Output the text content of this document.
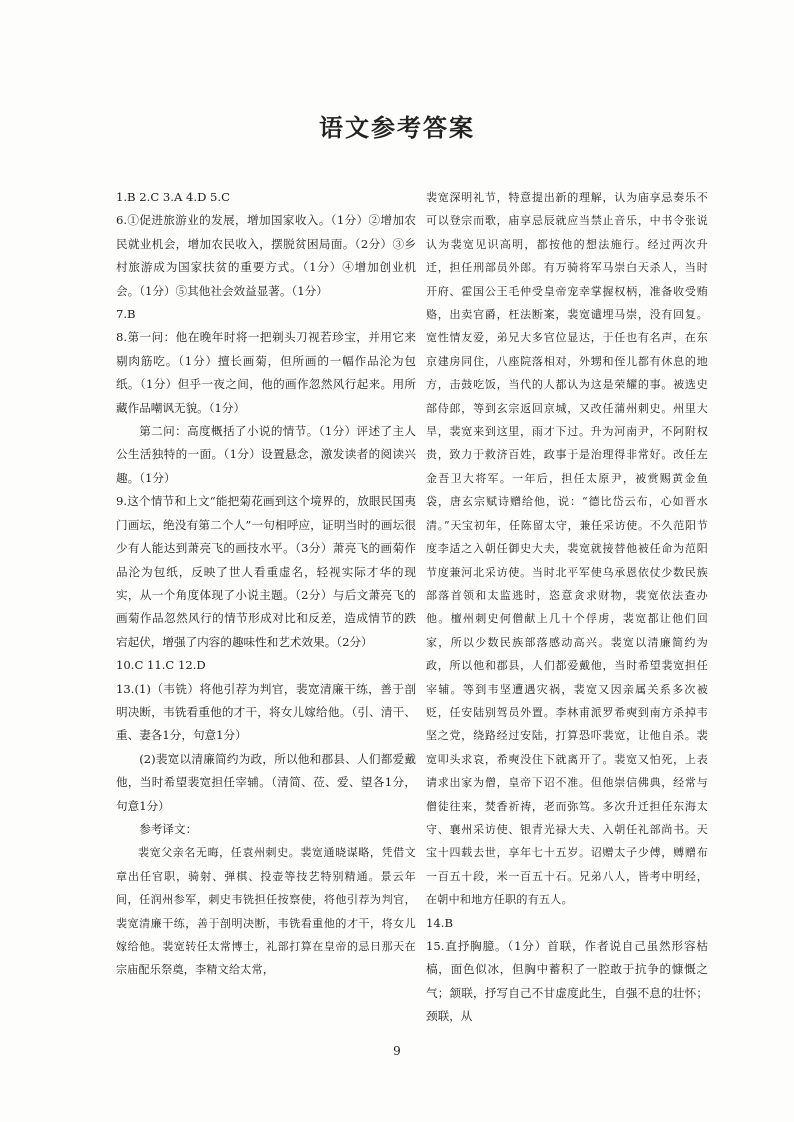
语文参考答案

1.B 2.C 3.A 4.D 5.C

6.①促进旅游业的发展，增加国家收入。（1分）②增加农民就业机会，增加农民收入，摆脱贫困局面。（2分）③乡村旅游成为国家扶贫的重要方式。（1分）④增加创业机会。（1分）⑤其他社会效益显著。（1分）

7.B

8.第一问：他在晚年时将一把剃头刀视若珍宝，并用它来剔肉筋吃。（1分）擅长画菊，但所画的一幅作品沦为包纸。（1分）但乎一夜之间，他的画作忽然风行起来。用所藏作品嘲讽无貌。（1分）

第二问：高度概括了小说的情节。（1分）评述了主人公生活独特的一面。（1分）设置悬念，激发读者的阅读兴趣。（1分）

9.这个情节和上文“能把菊花画到这个境界的，放眼民国夷门画坛，绝没有第二个人”一句相呼应，证明当时的画坛很少有人能达到萧亮飞的画技水平。（3分）萧亮飞的画菊作品沦为包纸，反映了世人看重虚名，轻视实际才华的现实，从一个角度体现了小说主题。（2分）与后文萧亮飞的画菊作品忽然风行的情节形成对比和反差，造成情节的跌宕起伏，增强了内容的趣味性和艺术效果。（2分）

10.C 11.C 12.D

13.(1)（韦铣）将他引荐为判官，裴宽清廉干练，善于剖明决断，韦铣看重他的才干，将女儿嫁给他。（引、清干、重、妻各1分，句意1分）

(2)裴宽以清廉简约为政，所以他和郡县、人们都爱戴他，当时希望裴宽担任宰辅。（清简、莅、爱、望各1分，句意1分）

参考译文：

裴宽父亲名无晦，任袁州刺史。裴宽通晓谋略，凭借文章出任官职，骑射、弹棋、投壶等技艺特别精通。景云年间，任润州参军，刺史韦铣担任按察使，将他引荐为判官，裴宽清廉干练，善于剖明决断，韦铣看重他的才干，将女儿嫁给他。裴宽转任太常博士，礼部打算在皇帝的忌日那天在宗庙配乐祭奠，李精文给太常，

裴宽深明礼节，特意提出新的理解，认为庙享忌奏乐不可以登宗而歌，庙享忌辰就应当禁止音乐，中书令张说认为裴宽见识高明，都按他的想法施行。经过两次升迁，担任刑部员外郎。有万骑将军马崇白天杀人，当时开府、霍国公王毛仲受皇帝宠幸掌握权柄，准备收受贿赂，出卖官爵，枉法断案，裴宽谴埋马崇，没有回复。宽性情友爱，弟兄大多官位显达，于任也有名声，在东京建房同住，八座院落相对，外甥和侄儿都有休息的地方，击鼓吃饭，当代的人都认为这是荣耀的事。被选史部侍郎，等到玄宗返回京城，又改任蒲州刺史。州里大旱，裴宽来到这里，雨才下过。升为河南尹，不阿附权贵，致力于救济百姓，政事于是治理得非常好。改任左金吾卫大将军。一年后，担任太原尹，被赏赐黄金鱼袋，唐玄宗赋诗赠给他，说：“德比岱云布，心如晋水清。”天宝初年，任陈留太守，兼任采访使。不久范阳节度李适之入朝任御史大夫，裴宽就接替他被任命为范阳节度兼河北采访使。当时北平军使乌承恩依仗少数民族部落首领和太监逃时，恣意贪求财物，裴宽依法查办他。檀州刺史何僧献上几十个俘虏，裴宽都让他们回家，所以少数民族部落感动高兴。裴宽以清廉简约为政，所以他和郡县，人们都爱戴他，当时希望裴宽担任宰辅。等到韦坚遭遇灾祸，裴宽又因亲属关系多次被贬，任安陆别驾员外置。李林甫派罗希奭到南方杀掉韦坚之党，绕路经过安陆，打算恐吓裴宽，让他自杀。裴宽叩头求哀，希奭没住下就离开了。裴宽又怕死，上表请求出家为僧，皇帝下诏不准。但他崇信佛典，经常与僧徒往来，焚香祈祷，老而弥笃。多次升迁担任东海太守、襄州采访使、银青光禄大夫、入朝任礼部尚书。天宝十四载去世，享年七十五岁。诏赠太子少傅，赙赠布一百五十段，米一百五十石。兄弟八人，皆考中明经，在朝中和地方任职的有五人。

14.B

15.直抒胸臆。（1分）首联，作者说自己虽然形容枯槁，面色似冰，但胸中蓄积了一腔敢于抗争的慷慨之气；颔联，抒写自己不甘虚度此生，自强不息的壮怀；颈联，从

9
